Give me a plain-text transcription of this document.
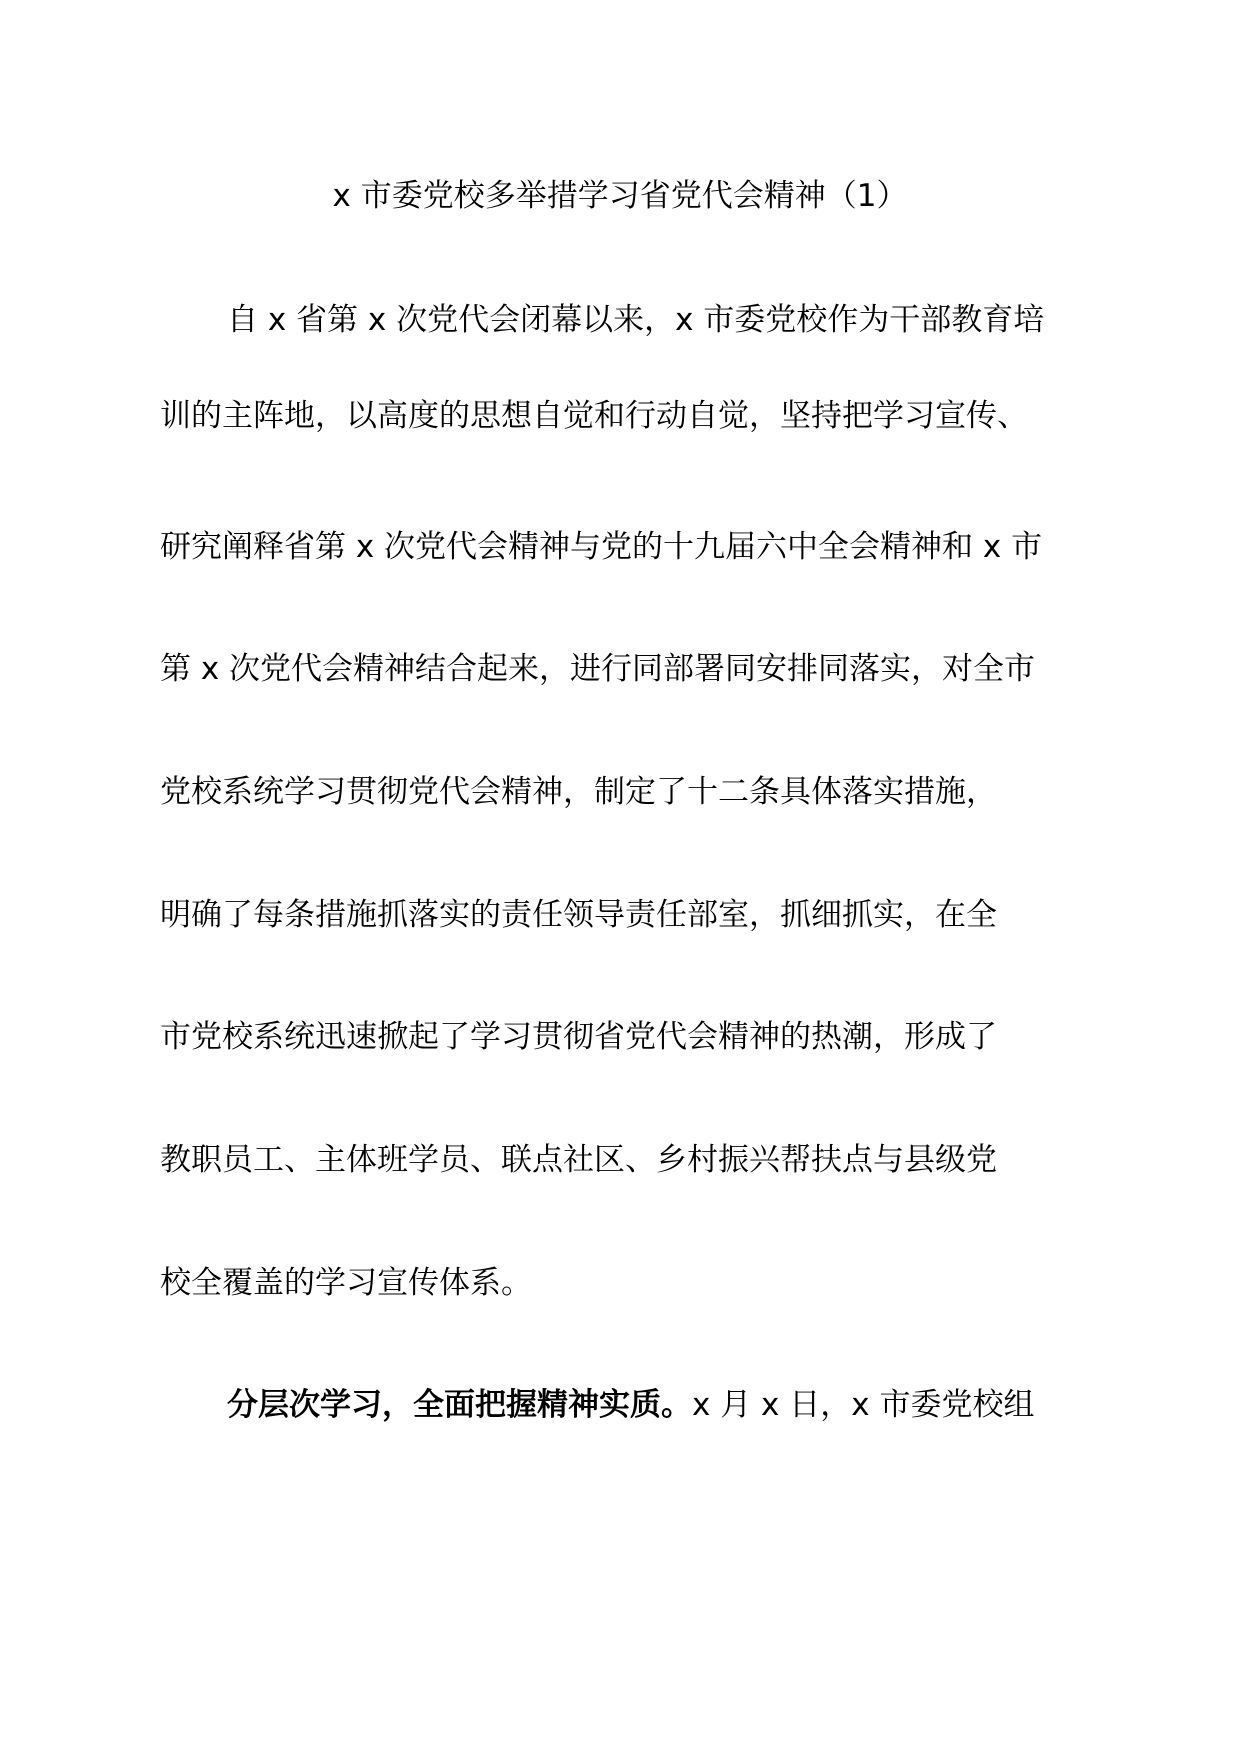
x 市委党校多举措学习省党代会精神（1）
自 x 省第 x 次党代会闭幕以来，x 市委党校作为干部教育培
训的主阵地，以高度的思想自觉和行动自觉，坚持把学习宣传、
研究阐释省第 x 次党代会精神与党的十九届六中全会精神和 x 市
第 x 次党代会精神结合起来，进行同部署同安排同落实，对全市
党校系统学习贯彻党代会精神，制定了十二条具体落实措施，
明确了每条措施抓落实的责任领导责任部室，抓细抓实，在全
市党校系统迅速掀起了学习贯彻省党代会精神的热潮，形成了
教职员工、主体班学员、联点社区、乡村振兴帮扶点与县级党
校全覆盖的学习宣传体系。
分层次学习，全面把握精神实质。x 月 x 日，x 市委党校组
